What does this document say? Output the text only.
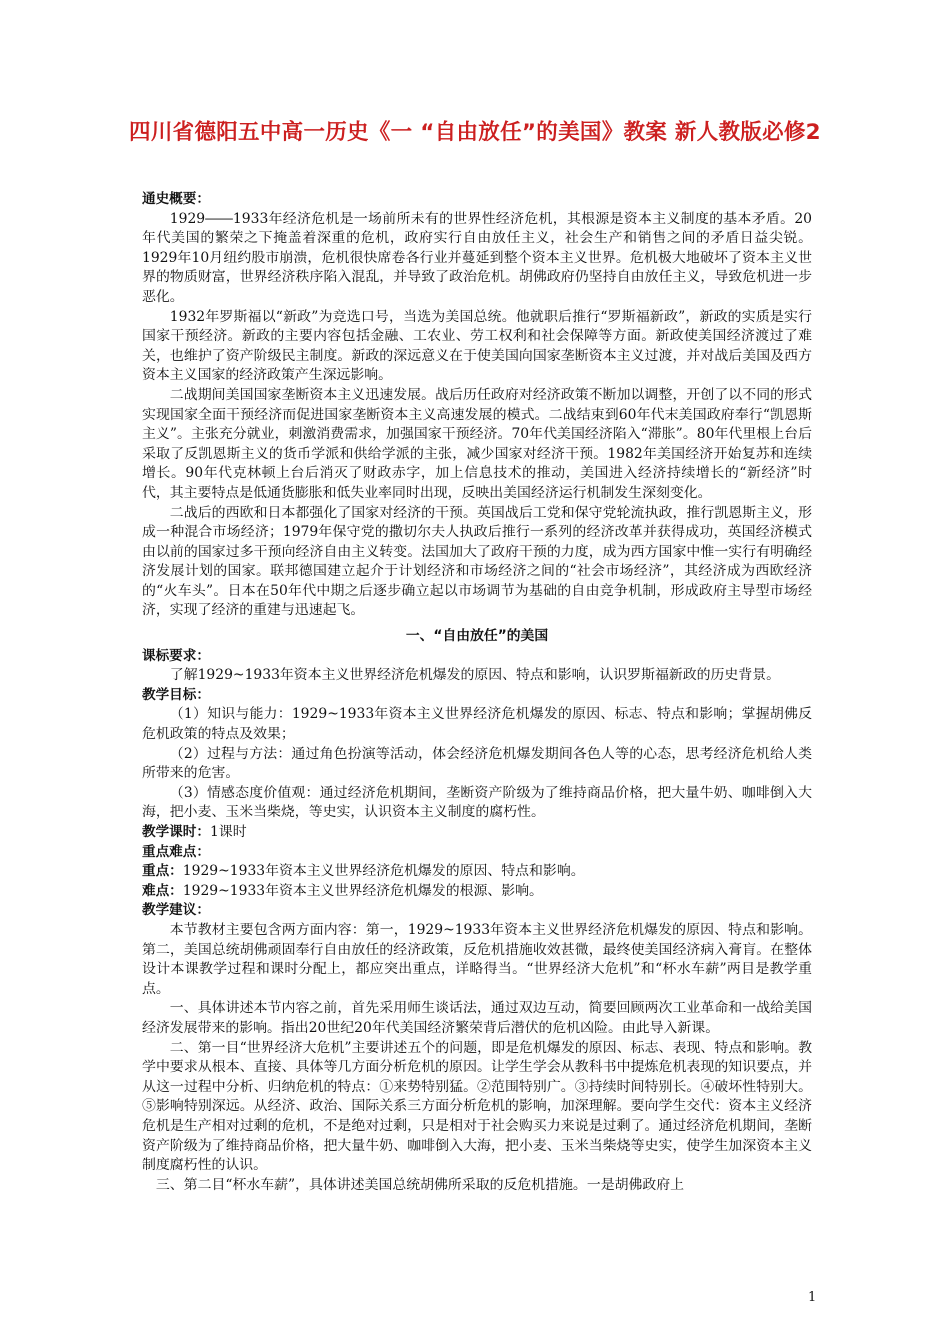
四川省德阳五中高一历史《一 “自由放任”的美国》教案 新人教版必修2

通史概要：

1929――1933年经济危机是一场前所未有的世界性经济危机，其根源是资本主义制度的基本矛盾。20年代美国的繁荣之下掩盖着深重的危机，政府实行自由放任主义，社会生产和销售之间的矛盾日益尖锐。1929年10月纽约股市崩溃，危机很快席卷各行业并蔓延到整个资本主义世界。危机极大地破坏了资本主义世界的物质财富，世界经济秩序陷入混乱，并导致了政治危机。胡佛政府仍坚持自由放任主义，导致危机进一步恶化。

1932年罗斯福以“新政”为竞选口号，当选为美国总统。他就职后推行“罗斯福新政”，新政的实质是实行国家干预经济。新政的主要内容包括金融、工农业、劳工权利和社会保障等方面。新政使美国经济渡过了难关，也维护了资产阶级民主制度。新政的深远意义在于使美国向国家垄断资本主义过渡，并对战后美国及西方资本主义国家的经济政策产生深远影响。

二战期间美国国家垄断资本主义迅速发展。战后历任政府对经济政策不断加以调整，开创了以不同的形式实现国家全面干预经济而促进国家垄断资本主义高速发展的模式。二战结束到60年代末美国政府奉行“凯恩斯主义”。主张充分就业，刺激消费需求，加强国家干预经济。70年代美国经济陷入“滞胀”。80年代里根上台后采取了反凯恩斯主义的货币学派和供给学派的主张，减少国家对经济干预。1982年美国经济开始复苏和连续增长。90年代克林顿上台后消灭了财政赤字，加上信息技术的推动，美国进入经济持续增长的“新经济”时代，其主要特点是低通货膨胀和低失业率同时出现，反映出美国经济运行机制发生深刻变化。

二战后的西欧和日本都强化了国家对经济的干预。英国战后工党和保守党轮流执政，推行凯恩斯主义，形成一种混合市场经济；1979年保守党的撒切尔夫人执政后推行一系列的经济改革并获得成功，英国经济模式由以前的国家过多干预向经济自由主义转变。法国加大了政府干预的力度，成为西方国家中惟一实行有明确经济发展计划的国家。联邦德国建立起介于计划经济和市场经济之间的“社会市场经济”，其经济成为西欧经济的“火车头”。日本在50年代中期之后逐步确立起以市场调节为基础的自由竞争机制，形成政府主导型市场经济，实现了经济的重建与迅速起飞。

一、“自由放任”的美国

课标要求：

了解1929~1933年资本主义世界经济危机爆发的原因、特点和影响，认识罗斯福新政的历史背景。

教学目标：

（1）知识与能力：1929~1933年资本主义世界经济危机爆发的原因、标志、特点和影响；掌握胡佛反危机政策的特点及效果；

（2）过程与方法：通过角色扮演等活动，体会经济危机爆发期间各色人等的心态，思考经济危机给人类所带来的危害。

（3）情感态度价值观：通过经济危机期间，垄断资产阶级为了维持商品价格，把大量牛奶、咖啡倒入大海，把小麦、玉米当柴烧，等史实，认识资本主义制度的腐朽性。

教学课时：1课时

重点难点：

重点：1929~1933年资本主义世界经济危机爆发的原因、特点和影响。

难点：1929~1933年资本主义世界经济危机爆发的根源、影响。

教学建议：

本节教材主要包含两方面内容：第一，1929~1933年资本主义世界经济危机爆发的原因、特点和影响。第二，美国总统胡佛顽固奉行自由放任的经济政策，反危机措施收效甚微，最终使美国经济病入膏肓。在整体设计本课教学过程和课时分配上，都应突出重点，详略得当。“世界经济大危机”和“杯水车薪”两目是教学重点。

一、具体讲述本节内容之前，首先采用师生谈话法，通过双边互动，简要回顾两次工业革命和一战给美国经济发展带来的影响。指出20世纪20年代美国经济繁荣背后潜伏的危机凶险。由此导入新课。

二、第一目“世界经济大危机”主要讲述五个的问题，即是危机爆发的原因、标志、表现、特点和影响。教学中要求从根本、直接、具体等几方面分析危机的原因。让学生学会从教科书中提炼危机表现的知识要点，并从这一过程中分析、归纳危机的特点：①来势特别猛。②范围特别广。③持续时间特别长。④破坏性特别大。⑤影响特别深远。从经济、政治、国际关系三方面分析危机的影响，加深理解。要向学生交代：资本主义经济危机是生产相对过剩的危机，不是绝对过剩，只是相对于社会购买力来说是过剩了。通过经济危机期间，垄断资产阶级为了维持商品价格，把大量牛奶、咖啡倒入大海，把小麦、玉米当柴烧等史实，使学生加深资本主义制度腐朽性的认识。

三、第二目“杯水车薪”，具体讲述美国总统胡佛所采取的反危机措施。一是胡佛政府上

1
